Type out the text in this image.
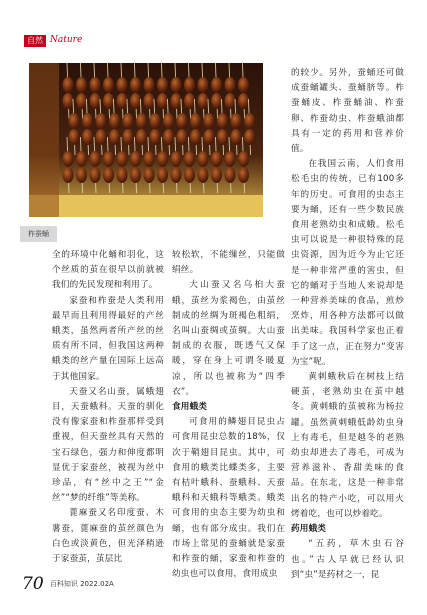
自然 Nature
柞蚕蛹

全的环境中化蛹和羽化，这个丝质的茧在很早以前就被我们的先民发现和利用了。

家蚕和柞蚕是人类利用最早而且利用得最好的产丝蛾类，虽然两者所产丝的丝质有所不同，但我国这两种蛾类的丝产量在国际上远高于其他国家。

天蚕又名山蚕，属蛾翅目，天蚕蛾科。天蚕的驯化没有像家蚕和柞蚕那样受到重视，但天蚕丝具有天然的宝石绿色，强力和伸度都明显优于家蚕丝，被视为丝中珍品，有“丝中之王”“金丝”“梦的纤维”等美称。

蓖麻蚕又名印度蚕、木薯蚕，蓖麻蚕的茧丝颜色为白色或淡黄色，但光泽稍逊于家蚕茧，茧层比

较松软，不能缫丝，只能做绢丝。

大山蚕又名乌桕大蚕蛾，茧丝为浆褐色，由茧丝制成的丝绸为斑褐色粗绢，名叫山蚕绸或茧绸。大山蚕制成的衣服，既透气又保暖，穿在身上可谓冬暖夏凉，所以也被称为“四季衣”。

食用蛾类

可食用的鳞翅目昆虫占可食用昆虫总数的18%，仅次于鞘翅目昆虫。其中，可食用的蛾类比蝶类多，主要有桔叶蛾科、蚕蛾科、天蚕蛾科和天蛾科等蛾类。蛾类可食用的虫态主要为幼虫和蛹，也有部分成虫。我们在市场上常见的蚕蛹就是家蚕和柞蚕的蛹，家蚕和柞蚕的幼虫也可以食用，食用成虫

的较少。另外，蚕蛹还可做成蚕蛹罐头、蚕蛹脐等。柞蚕蛹皮、柞蚕蛹油、柞蚕卵、柞蚕幼虫、柞蚕蛾油都具有一定的药用和营养价值。

在我国云南，人们食用松毛虫的传统，已有100多年的历史。可食用的虫态主要为蛹，还有一些少数民族食用老熟幼虫和成蛾。松毛虫可以说是一种很特殊的昆虫资源，因为近今为止它还是一种非常严重的害虫，但它的蛹对于当地人来说却是一种营养美味的食品，煎炒烹炸，用各种方法都可以做出美味。我国科学家也正着手了这一点，正在努力“变害为宝”呢。

黄刺蛾秋后在树枝上结硬茧，老熟幼虫在茧中越冬。黄刺蛾的茧被称为杨拉罐。虽然黄刺蛾低龄幼虫身上有毒毛，但是越冬的老熟幼虫却进去了毒毛，可成为营养滋补、香甜美味的食品。在东北，这是一种非常出名的特产小吃，可以用火烤着吃，也可以炒着吃。

药用蛾类

“五药，草木虫石谷也。”古人早就已经认识到“虫”是药材之一，昆

70 百科知识 2022.02A
